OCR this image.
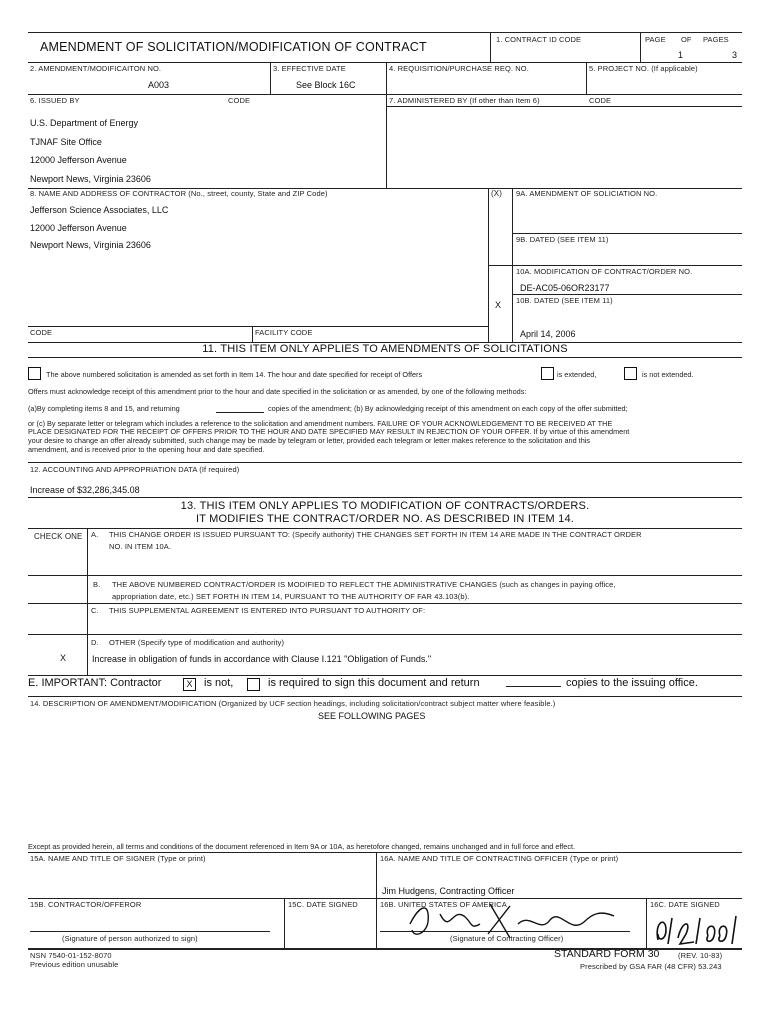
AMENDMENT OF SOLICITATION/MODIFICATION OF CONTRACT
1. CONTRACT ID CODE	PAGE OF PAGES
1	3
2. AMENDMENT/MODIFICAITON NO.
A003
3. EFFECTIVE DATE
See Block 16C
4. REQUISITION/PURCHASE REQ. NO.	5. PROJECT NO. (If applicable)
6. ISSUED BY	CODE
U.S. Department of Energy
TJNAF Site Office
12000 Jefferson Avenue
Newport News, Virginia 23606
7. ADMINISTERED BY (If other than Item 6)	CODE
8. NAME AND ADDRESS OF CONTRACTOR (No., street, county, State and ZIP Code)
Jefferson Science Associates, LLC
12000 Jefferson Avenue
Newport News, Virginia 23606
(X) 9A. AMENDMENT OF SOLICIATION NO.
9B. DATED (SEE ITEM 11)
10A. MODIFICATION OF CONTRACT/ORDER NO.
DE-AC05-06OR23177
X 10B. DATED (SEE ITEM 11)
April 14, 2006
CODE	FACILITY CODE
11. THIS ITEM ONLY APPLIES TO AMENDMENTS OF SOLICITATIONS
The above numbered solicitation is amended as set forth in Item 14. The hour and date specified for receipt of Offers	is extended,	is not extended.
Offers must acknowledge receipt of this amendment prior to the hour and date specified in the solicitation or as amended, by one of the following methods:
(a)By completing items 8 and 15, and returning	copies of the amendment; (b) By acknowledging receipt of this amendment on each copy of the offer submitted;
or (c) By separate letter or telegram which includes a reference to the solicitation and amendment numbers. FAILURE OF YOUR ACKNOWLEDGEMENT TO BE RECEIVED AT THE
PLACE DESIGNATED FOR THE RECEIPT OF OFFERS PRIOR TO THE HOUR AND DATE SPECIFIED MAY RESULT IN REJECTION OF YOUR OFFER. If by virtue of this amendment
your desire to change an offer already submitted, such change may be made by telegram or letter, provided each telegram or letter makes reference to the solicitation and this
amendment, and is received prior to the opening hour and date specified.
12. ACCOUNTING AND APPROPRIATION DATA (If required)
Increase of $32,286,345.08
13. THIS ITEM ONLY APPLIES TO MODIFICATION OF CONTRACTS/ORDERS.
IT MODIFIES THE CONTRACT/ORDER NO. AS DESCRIBED IN ITEM 14.
CHECK ONE A. THIS CHANGE ORDER IS ISSUED PURSUANT TO: (Specify authority) THE CHANGES SET FORTH IN ITEM 14 ARE MADE IN THE CONTRACT ORDER
NO. IN ITEM 10A.
B. THE ABOVE NUMBERED CONTRACT/ORDER IS MODIFIED TO REFLECT THE ADMINISTRATIVE CHANGES (such as changes in paying office,
appropriation date, etc.) SET FORTH IN ITEM 14, PURSUANT TO THE AUTHORITY OF FAR 43.103(b).
C. THIS SUPPLEMENTAL AGREEMENT IS ENTERED INTO PURSUANT TO AUTHORITY OF:
D. OTHER (Specify type of modification and authority)
X	Increase in obligation of funds in accordance with Clause I.121 "Obligation of Funds."
E. IMPORTANT: Contractor	X	is not,	is required to sign this document and return	copies to the issuing office.
14. DESCRIPTION OF AMENDMENT/MODIFICATION (Organized by UCF section headings, including solicitation/contract subject matter where feasible.)
SEE FOLLOWING PAGES
Except as provided herein, all terms and conditions of the document referenced in Item 9A or 10A, as heretofore changed, remains unchanged and in full force and effect.
15A. NAME AND TITLE OF SIGNER (Type or print)	16A. NAME AND TITLE OF CONTRACTING OFFICER (Type or print)
Jim Hudgens, Contracting Officer
15B. CONTRACTOR/OFFEROR	15C. DATE SIGNED	16B. UNITED STATES OF AMERICA	16C. DATE SIGNED
(Signature of person authorized to sign)	(Signature of Contracting Officer)
NSN 7540-01-152-8070
Previous edition unusable
STANDARD FORM 30 (REV. 10-83)
Prescribed by GSA FAR (48 CFR) 53.243
